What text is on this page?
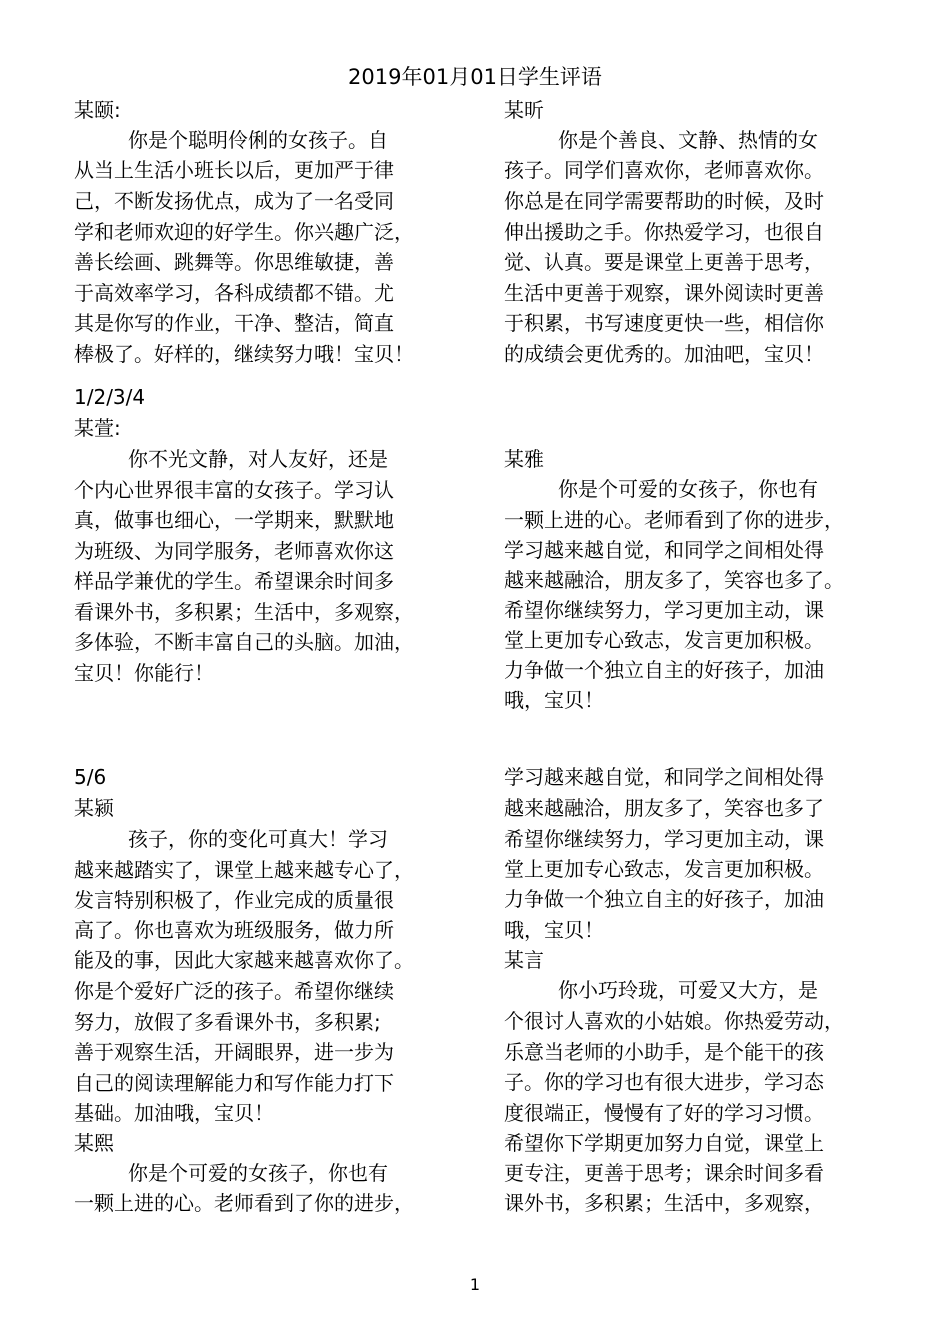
2019年01月01日学生评语
某颐:
你是个聪明伶俐的女孩子。自
从当上生活小班长以后，更加严于律
己，不断发扬优点，成为了一名受同
学和老师欢迎的好学生。你兴趣广泛，
善长绘画、跳舞等。你思维敏捷，善
于高效率学习，各科成绩都不错。尤
其是你写的作业，干净、整洁，简直
棒极了。好样的，继续努力哦！宝贝！
1/2/3/4
某萱:
你不光文静，对人友好，还是
个内心世界很丰富的女孩子。学习认
真，做事也细心，一学期来，默默地
为班级、为同学服务，老师喜欢你这
样品学兼优的学生。希望课余时间多
看课外书，多积累；生活中，多观察，
多体验，不断丰富自己的头脑。加油，
宝贝！你能行！
5/6
某颍
孩子，你的变化可真大！学习
越来越踏实了，课堂上越来越专心了，
发言特别积极了，作业完成的质量很
高了。你也喜欢为班级服务，做力所
能及的事，因此大家越来越喜欢你了。
你是个爱好广泛的孩子。希望你继续
努力，放假了多看课外书，多积累;
善于观察生活，开阔眼界，进一步为
自己的阅读理解能力和写作能力打下
基础。加油哦，宝贝！
某熙
你是个可爱的女孩子，你也有
一颗上进的心。老师看到了你的进步，
某昕
你是个善良、文静、热情的女
孩子。同学们喜欢你，老师喜欢你。
你总是在同学需要帮助的时候，及时
伸出援助之手。你热爱学习，也很自
觉、认真。要是课堂上更善于思考，
生活中更善于观察，课外阅读时更善
于积累，书写速度更快一些，相信你
的成绩会更优秀的。加油吧，宝贝！
某雅
你是个可爱的女孩子，你也有
一颗上进的心。老师看到了你的进步，
学习越来越自觉，和同学之间相处得
越来越融洽，朋友多了，笑容也多了。
希望你继续努力，学习更加主动，课
堂上更加专心致志，发言更加积极。
力争做一个独立自主的好孩子，加油
哦，宝贝！
学习越来越自觉，和同学之间相处得
越来越融洽，朋友多了，笑容也多了
希望你继续努力，学习更加主动，课
堂上更加专心致志，发言更加积极。
力争做一个独立自主的好孩子，加油
哦，宝贝！
某言
你小巧玲珑，可爱又大方，是
个很讨人喜欢的小姑娘。你热爱劳动，
乐意当老师的小助手，是个能干的孩
子。你的学习也有很大进步，学习态
度很端正，慢慢有了好的学习习惯。
希望你下学期更加努力自觉，课堂上
更专注，更善于思考；课余时间多看
课外书，多积累；生活中，多观察，
1
